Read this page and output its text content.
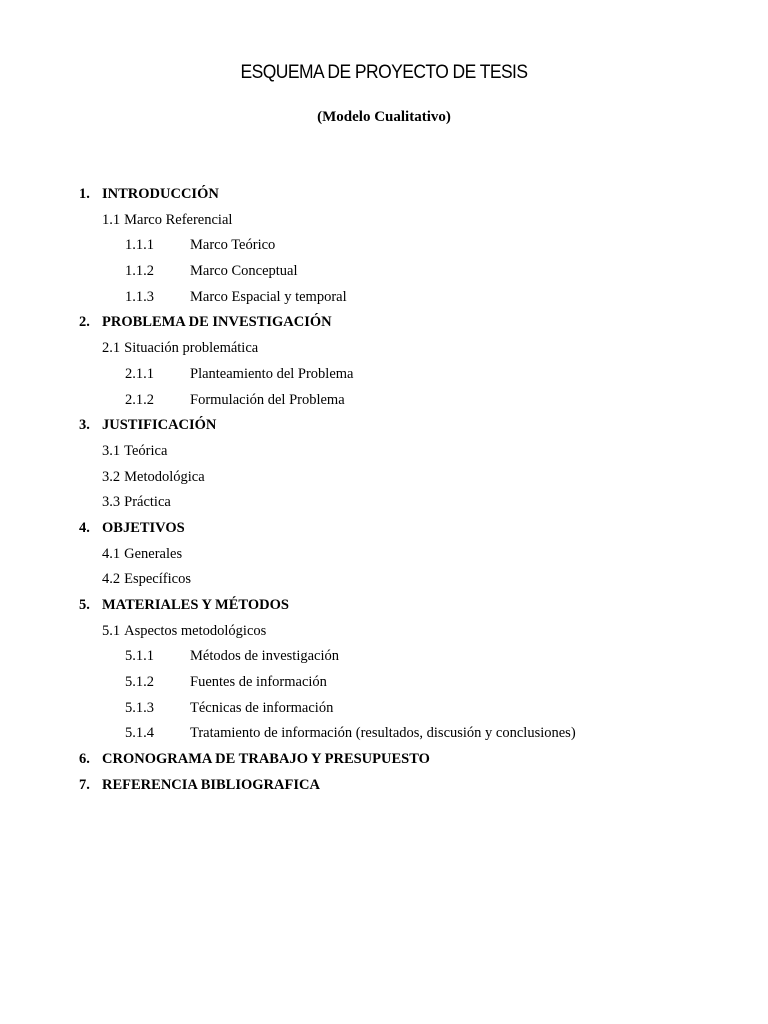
ESQUEMA DE PROYECTO DE TESIS

(Modelo Cualitativo)

1. INTRODUCCIÓN
1.1 Marco Referencial
1.1.1 Marco Teórico
1.1.2 Marco Conceptual
1.1.3 Marco Espacial y temporal
2. PROBLEMA DE INVESTIGACIÓN
2.1 Situación problemática
2.1.1 Planteamiento del Problema
2.1.2 Formulación del Problema
3. JUSTIFICACIÓN
3.1 Teórica
3.2 Metodológica
3.3 Práctica
4. OBJETIVOS
4.1 Generales
4.2 Específicos
5. MATERIALES Y MÉTODOS
5.1 Aspectos metodológicos
5.1.1 Métodos de investigación
5.1.2 Fuentes de información
5.1.3 Técnicas de información
5.1.4 Tratamiento de información (resultados, discusión y conclusiones)
6. CRONOGRAMA DE TRABAJO Y PRESUPUESTO
7. REFERENCIA BIBLIOGRAFICA
